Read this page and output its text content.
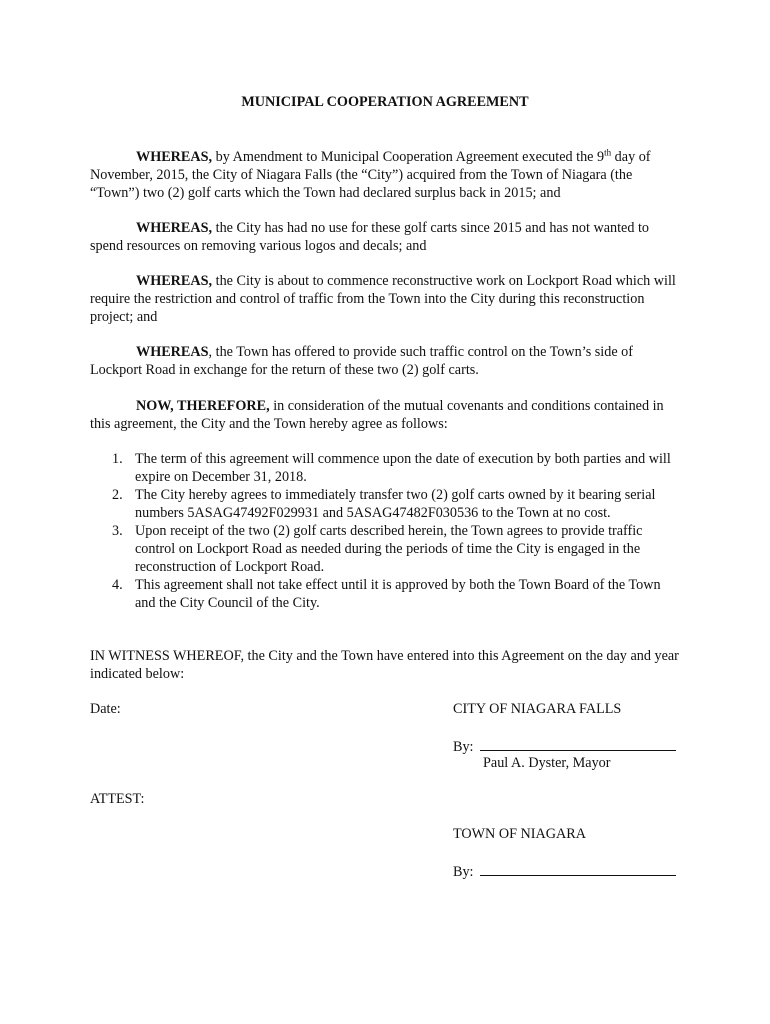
MUNICIPAL COOPERATION AGREEMENT

WHEREAS, by Amendment to Municipal Cooperation Agreement executed the 9th day of November, 2015, the City of Niagara Falls (the “City”) acquired from the Town of Niagara (the “Town”) two (2) golf carts which the Town had declared surplus back in 2015; and

WHEREAS, the City has had no use for these golf carts since 2015 and has not wanted to spend resources on removing various logos and decals; and

WHEREAS, the City is about to commence reconstructive work on Lockport Road which will require the restriction and control of traffic from the Town into the City during this reconstruction project; and

WHEREAS, the Town has offered to provide such traffic control on the Town’s side of Lockport Road in exchange for the return of these two (2) golf carts.

NOW, THEREFORE, in consideration of the mutual covenants and conditions contained in this agreement, the City and the Town hereby agree as follows:

1. The term of this agreement will commence upon the date of execution by both parties and will expire on December 31, 2018.
2. The City hereby agrees to immediately transfer two (2) golf carts owned by it bearing serial numbers 5ASAG47492F029931 and 5ASAG47482F030536 to the Town at no cost.
3. Upon receipt of the two (2) golf carts described herein, the Town agrees to provide traffic control on Lockport Road as needed during the periods of time the City is engaged in the reconstruction of Lockport Road.
4. This agreement shall not take effect until it is approved by both the Town Board of the Town and the City Council of the City.

IN WITNESS WHEREOF, the City and the Town have entered into this Agreement on the day and year indicated below:

Date:	CITY OF NIAGARA FALLS
By:
Paul A. Dyster, Mayor
ATTEST:
TOWN OF NIAGARA
By:
